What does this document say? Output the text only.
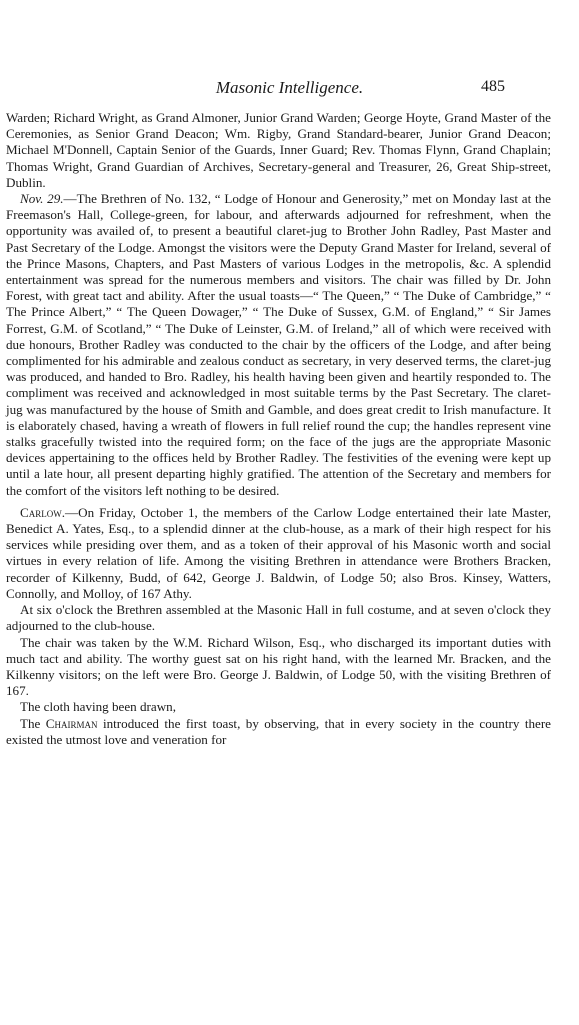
Masonic Intelligence.	485

Warden; Richard Wright, as Grand Almoner, Junior Grand Warden; George Hoyte, Grand Master of the Ceremonies, as Senior Grand Deacon; Wm. Rigby, Grand Standard-bearer, Junior Grand Deacon; Michael M'Donnell, Captain Senior of the Guards, Inner Guard; Rev. Thomas Flynn, Grand Chaplain; Thomas Wright, Grand Guardian of Archives, Secretary-general and Treasurer, 26, Great Ship-street, Dublin.

Nov. 29.—The Brethren of No. 132, “ Lodge of Honour and Generosity,” met on Monday last at the Freemason's Hall, College-green, for labour, and afterwards adjourned for refreshment, when the opportunity was availed of, to present a beautiful claret-jug to Brother John Radley, Past Master and Past Secretary of the Lodge. Amongst the visitors were the Deputy Grand Master for Ireland, several of the Prince Masons, Chapters, and Past Masters of various Lodges in the metropolis, &c. A splendid entertainment was spread for the numerous members and visitors. The chair was filled by Dr. John Forest, with great tact and ability. After the usual toasts—“ The Queen,” “ The Duke of Cambridge,” “ The Prince Albert,” “ The Queen Dowager,” “ The Duke of Sussex, G.M. of England,” “ Sir James Forrest, G.M. of Scotland,” “ The Duke of Leinster, G.M. of Ireland,” all of which were received with due honours, Brother Radley was conducted to the chair by the officers of the Lodge, and after being complimented for his admirable and zealous conduct as secretary, in very deserved terms, the claret-jug was produced, and handed to Bro. Radley, his health having been given and heartily responded to. The compliment was received and acknowledged in most suitable terms by the Past Secretary. The claret-jug was manufactured by the house of Smith and Gamble, and does great credit to Irish manufacture. It is elaborately chased, having a wreath of flowers in full relief round the cup; the handles represent vine stalks gracefully twisted into the required form; on the face of the jugs are the appropriate Masonic devices appertaining to the offices held by Brother Radley. The festivities of the evening were kept up until a late hour, all present departing highly gratified. The attention of the Secretary and members for the comfort of the visitors left nothing to be desired.

Carlow.—On Friday, October 1, the members of the Carlow Lodge entertained their late Master, Benedict A. Yates, Esq., to a splendid dinner at the club-house, as a mark of their high respect for his services while presiding over them, and as a token of their approval of his Masonic worth and social virtues in every relation of life. Among the visiting Brethren in attendance were Brothers Bracken, recorder of Kilkenny, Budd, of 642, George J. Baldwin, of Lodge 50; also Bros. Kinsey, Watters, Connolly, and Molloy, of 167 Athy.

At six o'clock the Brethren assembled at the Masonic Hall in full costume, and at seven o'clock they adjourned to the club-house.

The chair was taken by the W.M. Richard Wilson, Esq., who discharged its important duties with much tact and ability. The worthy guest sat on his right hand, with the learned Mr. Bracken, and the Kilkenny visitors; on the left were Bro. George J. Baldwin, of Lodge 50, with the visiting Brethren of 167.

The cloth having been drawn,

The Chairman introduced the first toast, by observing, that in every society in the country there existed the utmost love and veneration for
